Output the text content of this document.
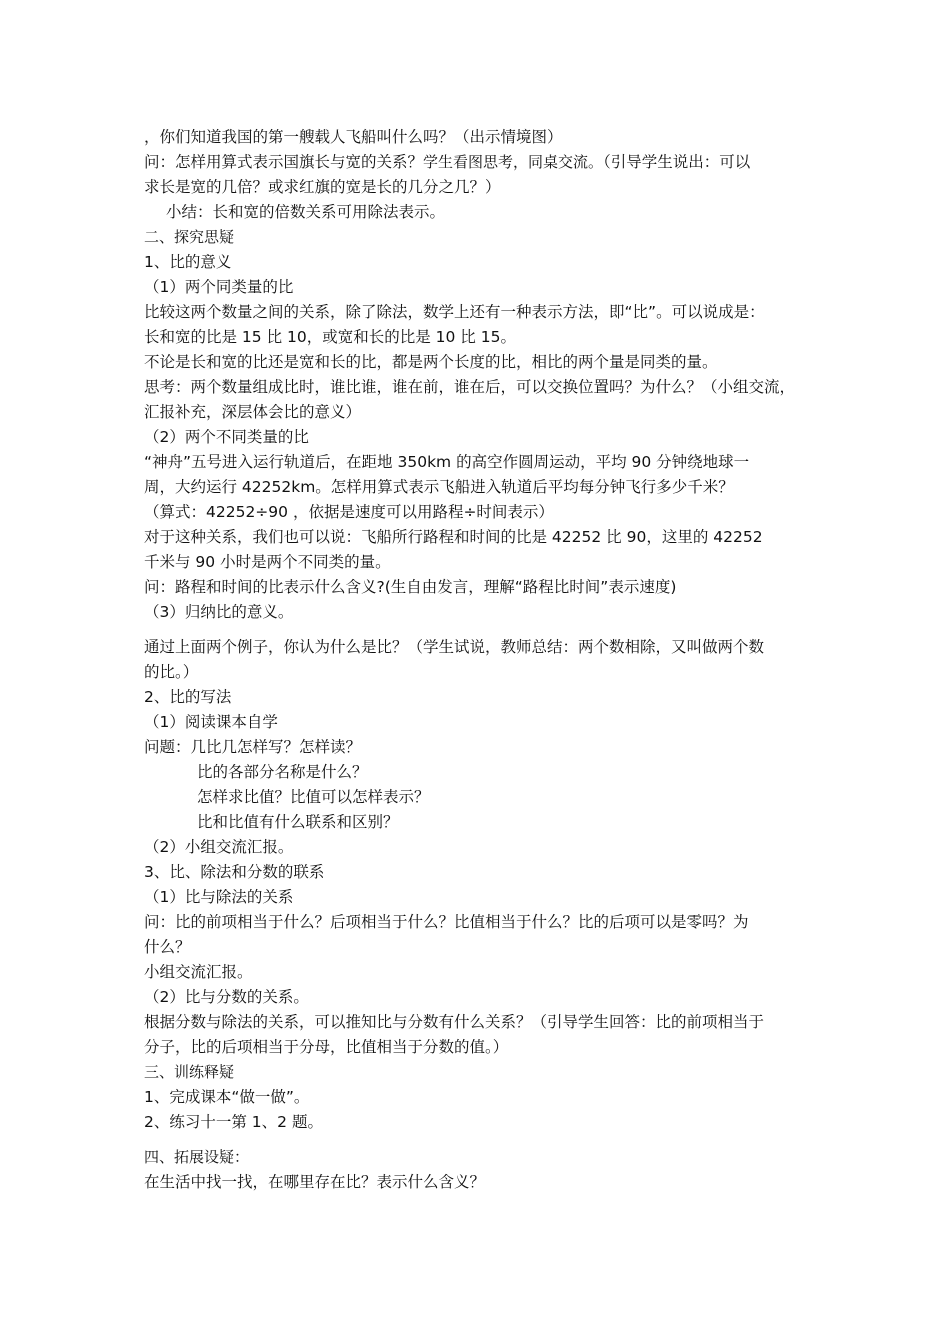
，你们知道我国的第一艘载人飞船叫什么吗？（出示情境图）
问：怎样用算式表示国旗长与宽的关系？学生看图思考，同桌交流。（引导学生说出：可以
求长是宽的几倍？或求红旗的宽是长的几分之几？）
小结：长和宽的倍数关系可用除法表示。
二、探究思疑
1、比的意义
（1）两个同类量的比
比较这两个数量之间的关系，除了除法，数学上还有一种表示方法，即“比”。可以说成是：
长和宽的比是 15 比 10，或宽和长的比是 10 比 15。
不论是长和宽的比还是宽和长的比，都是两个长度的比，相比的两个量是同类的量。
思考：两个数量组成比时，谁比谁，谁在前，谁在后，可以交换位置吗？为什么？（小组交流，
汇报补充，深层体会比的意义）
（2）两个不同类量的比
“神舟”五号进入运行轨道后，在距地 350km 的高空作圆周运动，平均 90 分钟绕地球一
周，大约运行 42252km。怎样用算式表示飞船进入轨道后平均每分钟飞行多少千米？
（算式：42252÷90 ，依据是速度可以用路程÷时间表示）
对于这种关系，我们也可以说：飞船所行路程和时间的比是 42252 比 90，这里的 42252
千米与 90 小时是两个不同类的量。
问：路程和时间的比表示什么含义?(生自由发言，理解“路程比时间”表示速度)
（3）归纳比的意义。
通过上面两个例子，你认为什么是比？（学生试说，教师总结：两个数相除，又叫做两个数
的比。）
2、比的写法
（1）阅读课本自学
问题：几比几怎样写？怎样读？
比的各部分名称是什么？
怎样求比值？比值可以怎样表示？
比和比值有什么联系和区别？
（2）小组交流汇报。
3、比、除法和分数的联系
（1）比与除法的关系
问：比的前项相当于什么？后项相当于什么？比值相当于什么？比的后项可以是零吗？为
什么？
小组交流汇报。
（2）比与分数的关系。
根据分数与除法的关系，可以推知比与分数有什么关系？（引导学生回答：比的前项相当于
分子，比的后项相当于分母，比值相当于分数的值。）
三、训练释疑
1、完成课本“做一做”。
2、练习十一第 1、2 题。
四、拓展设疑：
在生活中找一找，在哪里存在比？表示什么含义？
